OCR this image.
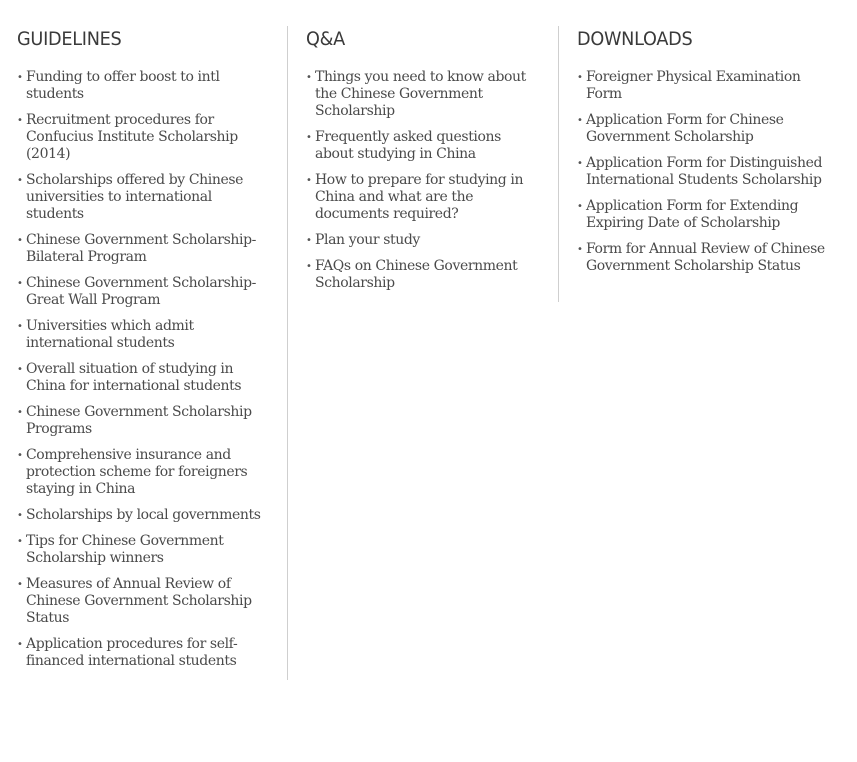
GUIDELINES
• Funding to offer boost to intl students
• Recruitment procedures for Confucius Institute Scholarship (2014)
• Scholarships offered by Chinese universities to international students
• Chinese Government Scholarship-Bilateral Program
• Chinese Government Scholarship-Great Wall Program
• Universities which admit international students
• Overall situation of studying in China for international students
• Chinese Government Scholarship Programs
• Comprehensive insurance and protection scheme for foreigners staying in China
• Scholarships by local governments
• Tips for Chinese Government Scholarship winners
• Measures of Annual Review of Chinese Government Scholarship Status
• Application procedures for self-financed international students
Q&A
• Things you need to know about the Chinese Government Scholarship
• Frequently asked questions about studying in China
• How to prepare for studying in China and what are the documents required?
• Plan your study
• FAQs on Chinese Government Scholarship
DOWNLOADS
• Foreigner Physical Examination Form
• Application Form for Chinese Government Scholarship
• Application Form for Distinguished International Students Scholarship
• Application Form for Extending Expiring Date of Scholarship
• Form for Annual Review of Chinese Government Scholarship Status
